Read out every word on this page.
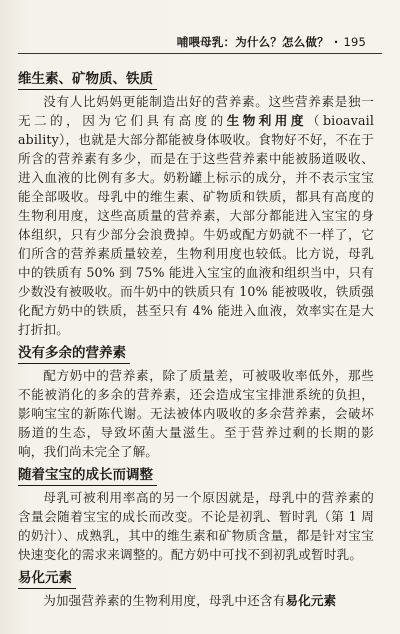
哺喂母乳：为什么？怎么做？ · 195
维生素、矿物质、铁质

没有人比妈妈更能制造出好的营养素。这些营养素是独一无二的，因为它们具有高度的生物利用度（bioavail ability），也就是大部分都能被身体吸收。食物好不好，不在于所含的营养素有多少，而是在于这些营养素中能被肠道吸收、进入血液的比例有多大。奶粉罐上标示的成分，并不表示宝宝能全部吸收。母乳中的维生素、矿物质和铁质，都具有高度的生物利用度，这些高质量的营养素，大部分都能进入宝宝的身体组织，只有少部分会浪费掉。牛奶或配方奶就不一样了，它们所含的营养素质量较差，生物利用度也较低。比方说，母乳中的铁质有 50% 到 75% 能进入宝宝的血液和组织当中，只有少数没有被吸收。而牛奶中的铁质只有 10% 能被吸收，铁质强化配方奶中的铁质，甚至只有 4% 能进入血液，效率实在是大打折扣。

没有多余的营养素

配方奶中的营养素，除了质量差，可被吸收率低外，那些不能被消化的多余的营养素，还会造成宝宝排泄系统的负担，影响宝宝的新陈代谢。无法被体内吸收的多余营养素，会破坏肠道的生态，导致坏菌大量滋生。至于营养过剩的长期的影响，我们尚未完全了解。

随着宝宝的成长而调整

母乳可被利用率高的另一个原因就是，母乳中的营养素的含量会随着宝宝的成长而改变。不论是初乳、暂时乳（第 1 周的奶汁）、成熟乳，其中的维生素和矿物质含量，都是针对宝宝快速变化的需求来调整的。配方奶中可找不到初乳或暂时乳。

易化元素

为加强营养素的生物利用度，母乳中还含有易化元素
